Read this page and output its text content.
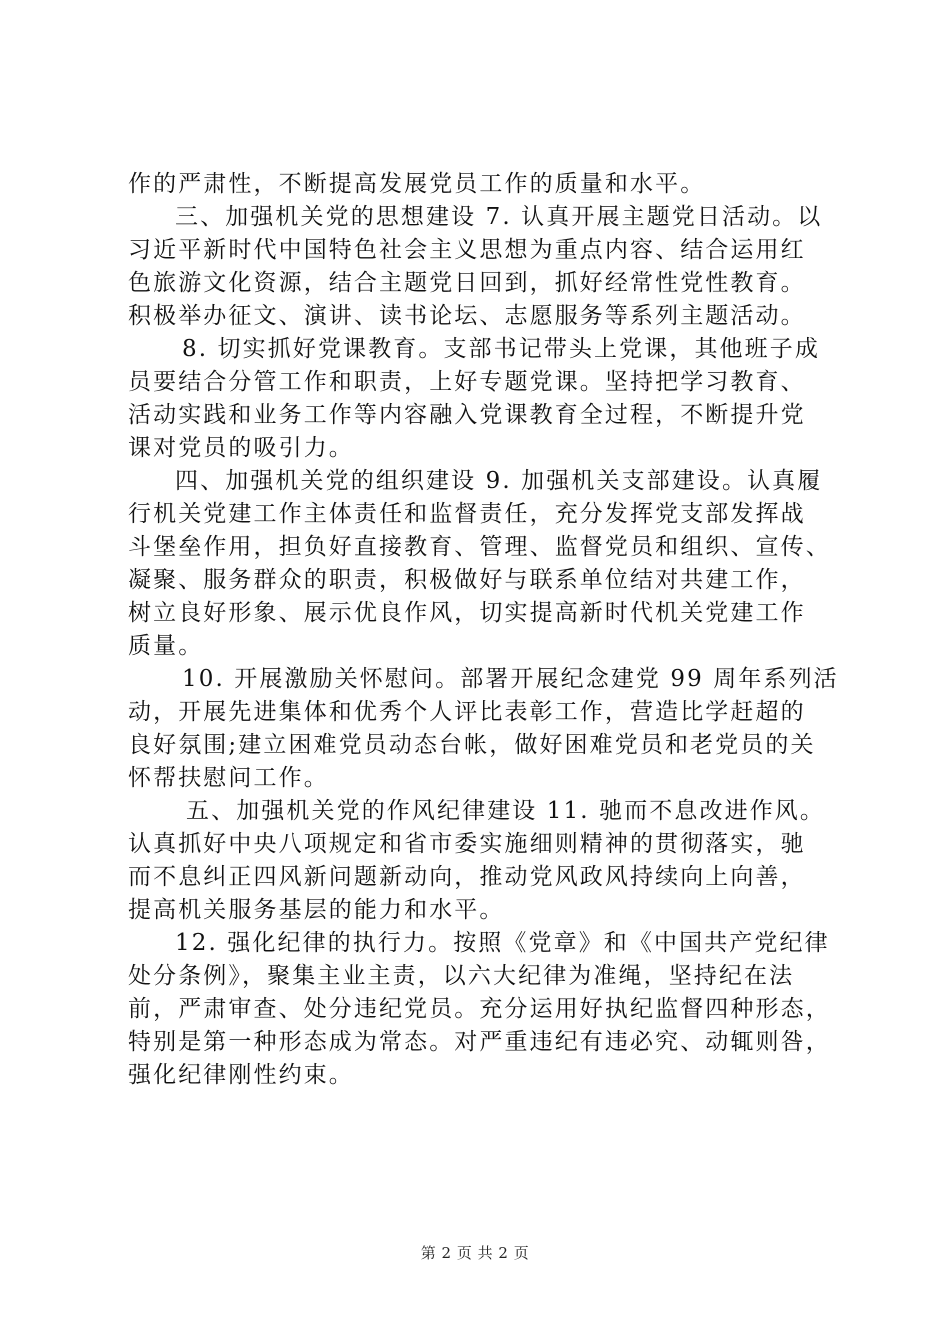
作的严肃性，不断提高发展党员工作的质量和水平。
三、加强机关党的思想建设 7. 认真开展主题党日活动。以
习近平新时代中国特色社会主义思想为重点内容、结合运用红
色旅游文化资源，结合主题党日回到，抓好经常性党性教育。
积极举办征文、演讲、读书论坛、志愿服务等系列主题活动。
8. 切实抓好党课教育。支部书记带头上党课，其他班子成
员要结合分管工作和职责，上好专题党课。坚持把学习教育、
活动实践和业务工作等内容融入党课教育全过程，不断提升党
课对党员的吸引力。
四、加强机关党的组织建设 9. 加强机关支部建设。认真履
行机关党建工作主体责任和监督责任，充分发挥党支部发挥战
斗堡垒作用，担负好直接教育、管理、监督党员和组织、宣传、
凝聚、服务群众的职责，积极做好与联系单位结对共建工作，
树立良好形象、展示优良作风，切实提高新时代机关党建工作
质量。
10. 开展激励关怀慰问。部署开展纪念建党 99 周年系列活
动，开展先进集体和优秀个人评比表彰工作，营造比学赶超的
良好氛围;建立困难党员动态台帐，做好困难党员和老党员的关
怀帮扶慰问工作。
五、加强机关党的作风纪律建设 11. 驰而不息改进作风。
认真抓好中央八项规定和省市委实施细则精神的贯彻落实，驰
而不息纠正四风新问题新动向，推动党风政风持续向上向善，
提高机关服务基层的能力和水平。
12. 强化纪律的执行力。按照《党章》和《中国共产党纪律
处分条例》，聚集主业主责，以六大纪律为准绳，坚持纪在法
前，严肃审查、处分违纪党员。充分运用好执纪监督四种形态，
特别是第一种形态成为常态。对严重违纪有违必究、动辄则咎，
强化纪律刚性约束。
第 2 页 共 2 页
